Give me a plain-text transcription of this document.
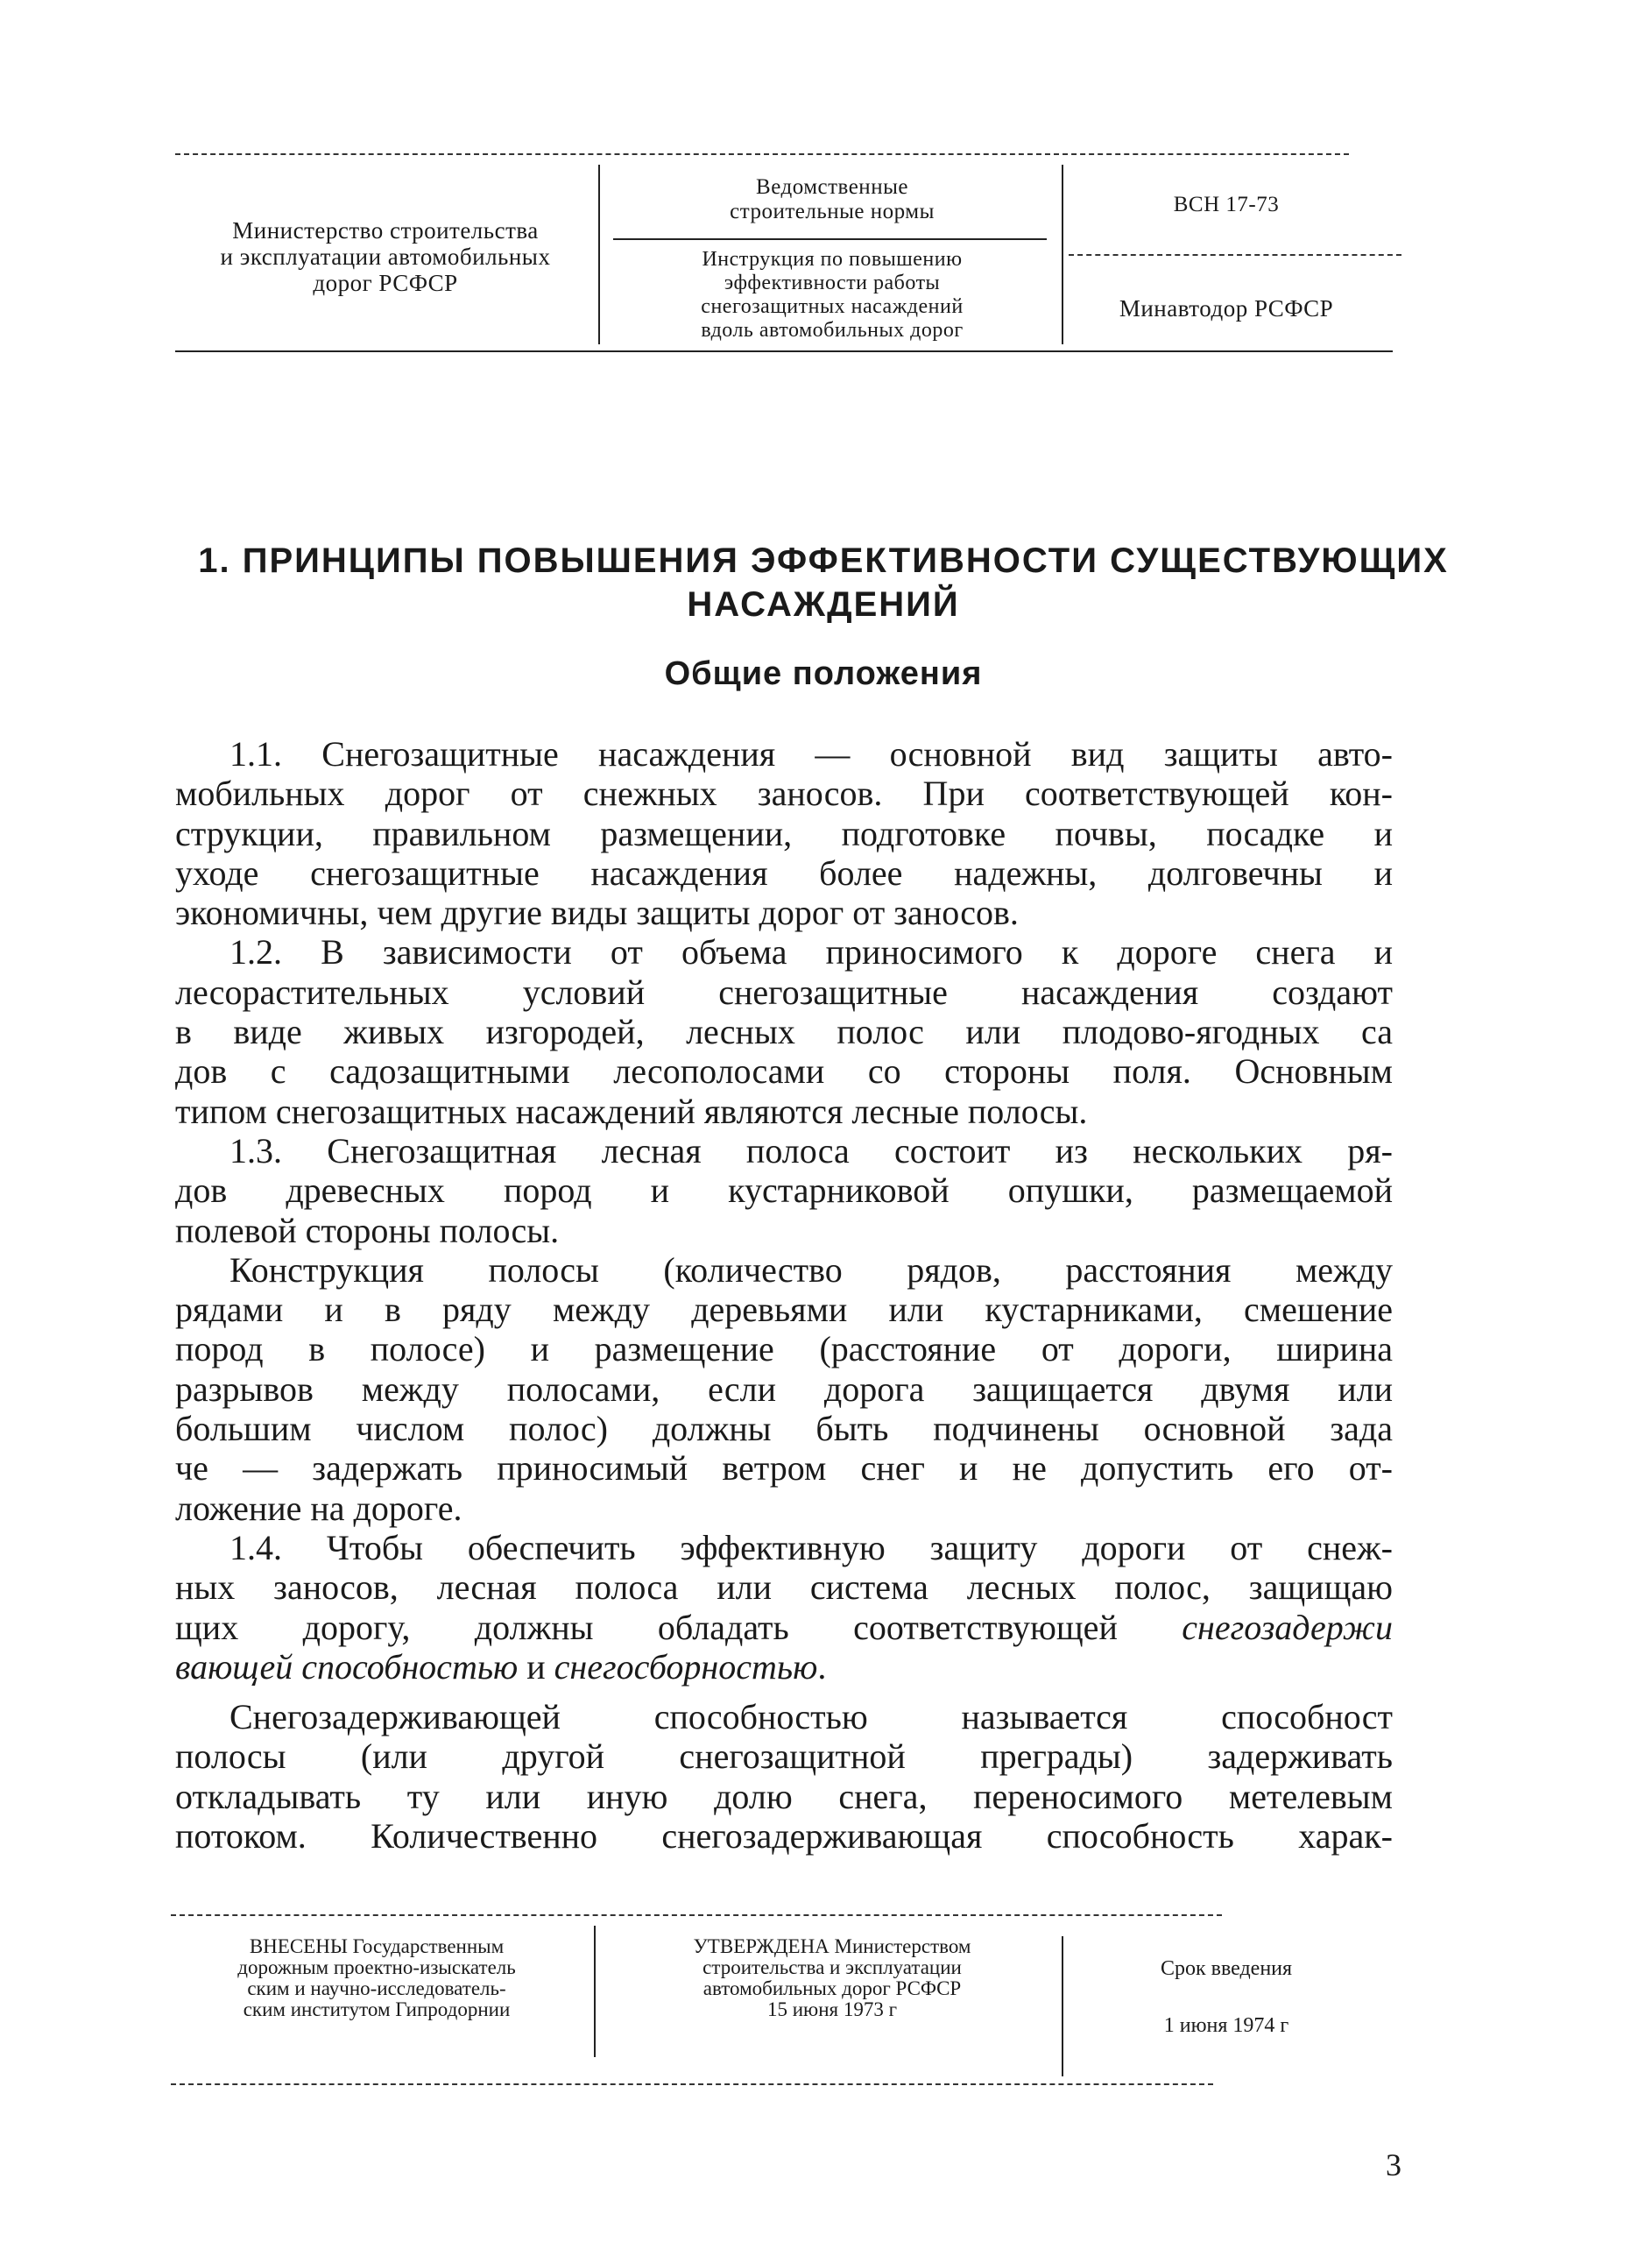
Министерство строительства
и эксплуатации автомобильных
дорог РСФСР
Ведомственные
строительные нормы
Инструкция по повышению
эффективности работы
снегозащитных насаждений
вдоль автомобильных дорог
ВСН 17-73
Минавтодор РСФСР
1. ПРИНЦИПЫ ПОВЫШЕНИЯ ЭФФЕКТИВНОСТИ СУЩЕСТВУЮЩИХ
НАСАЖДЕНИЙ
Общие положения
1.1. Снегозащитные насаждения — основной вид защиты авто-
мобильных дорог от снежных заносов. При соответствующей кон-
струкции, правильном размещении, подготовке почвы, посадке и
уходе снегозащитные насаждения более надежны, долговечны и
экономичны, чем другие виды защиты дорог от заносов.
1.2. В зависимости от объема приносимого к дороге снега и
лесорастительных условий снегозащитные насаждения создают
в виде живых изгородей, лесных полос или плодово-ягодных са
дов с садозащитными лесополосами со стороны поля. Основным
типом снегозащитных насаждений являются лесные полосы.
1.3. Снегозащитная лесная полоса состоит из нескольких ря-
дов древесных пород и кустарниковой опушки, размещаемой
полевой стороны полосы.
Конструкция полосы (количество рядов, расстояния между
рядами и в ряду между деревьями или кустарниками, смешение
пород в полосе) и размещение (расстояние от дороги, ширина
разрывов между полосами, если дорога защищается двумя или
большим числом полос) должны быть подчинены основной зада
че — задержать приносимый ветром снег и не допустить его от-
ложение на дороге.
1.4. Чтобы обеспечить эффективную защиту дороги от снеж-
ных заносов, лесная полоса или система лесных полос, защищаю
щих дорогу, должны обладать соответствующей снегозадержи
вающей способностью и снегосборностью.
Снегозадерживающей способностью называется способност
полосы (или другой снегозащитной преграды) задерживать
откладывать ту или иную долю снега, переносимого метелевым
потоком. Количественно снегозадерживающая способность харак-
ВНЕСЕНЫ Государственным
дорожным проектно-изыскатель
ским и научно-исследователь-
ским институтом Гипродорнии
УТВЕРЖДЕНА Министерством
строительства и эксплуатации
автомобильных дорог РСФСР
15 июня 1973 г
Срок введения
1 июня 1974 г
3
